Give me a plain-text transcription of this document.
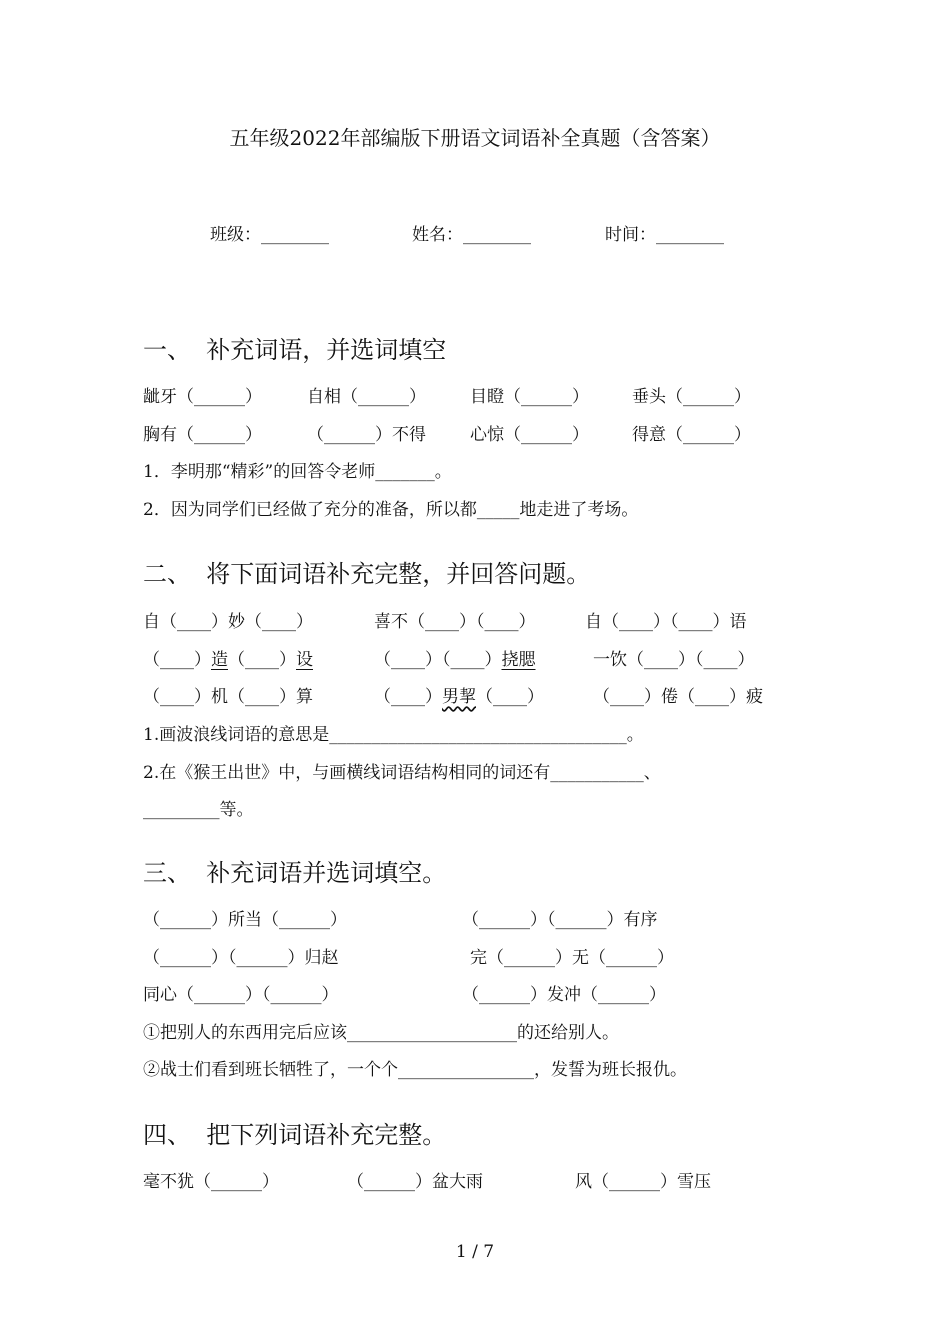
五年级2022年部编版下册语文词语补全真题（含答案）
班级：________	姓名：________	时间：________
一、  补充词语，并选词填空
龇牙（______）	自相（______）	目瞪（______）	垂头（______）
胸有（______）	（______）不得	心惊（______）	得意（______）
1．李明那“精彩”的回答令老师_______。
2．因为同学们已经做了充分的准备，所以都_____地走进了考场。
二、  将下面词语补充完整，并回答问题。
自（____）妙（____）	喜不（____）（____）	自（____）（____）语
（____）造（____）设	（____）（____）挠腮	一饮（____）（____）
（____）机（____）算	（____）男挈（____）	（____）倦（____）疲
1.画波浪线词语的意思是___________________________________。
2.在《猴王出世》中，与画横线词语结构相同的词还有___________、
_________等。
三、  补充词语并选词填空。
（______）所当（______）	（______）（______）有序
（______）（______）归赵	完（______）无（______）
同心（______）（______）	（______）发冲（______）
①把别人的东西用完后应该____________________的还给别人。
②战士们看到班长牺牲了，一个个________________，发誓为班长报仇。
四、  把下列词语补充完整。
毫不犹（______）	（______）盆大雨	风（______）雪压
1 / 7
